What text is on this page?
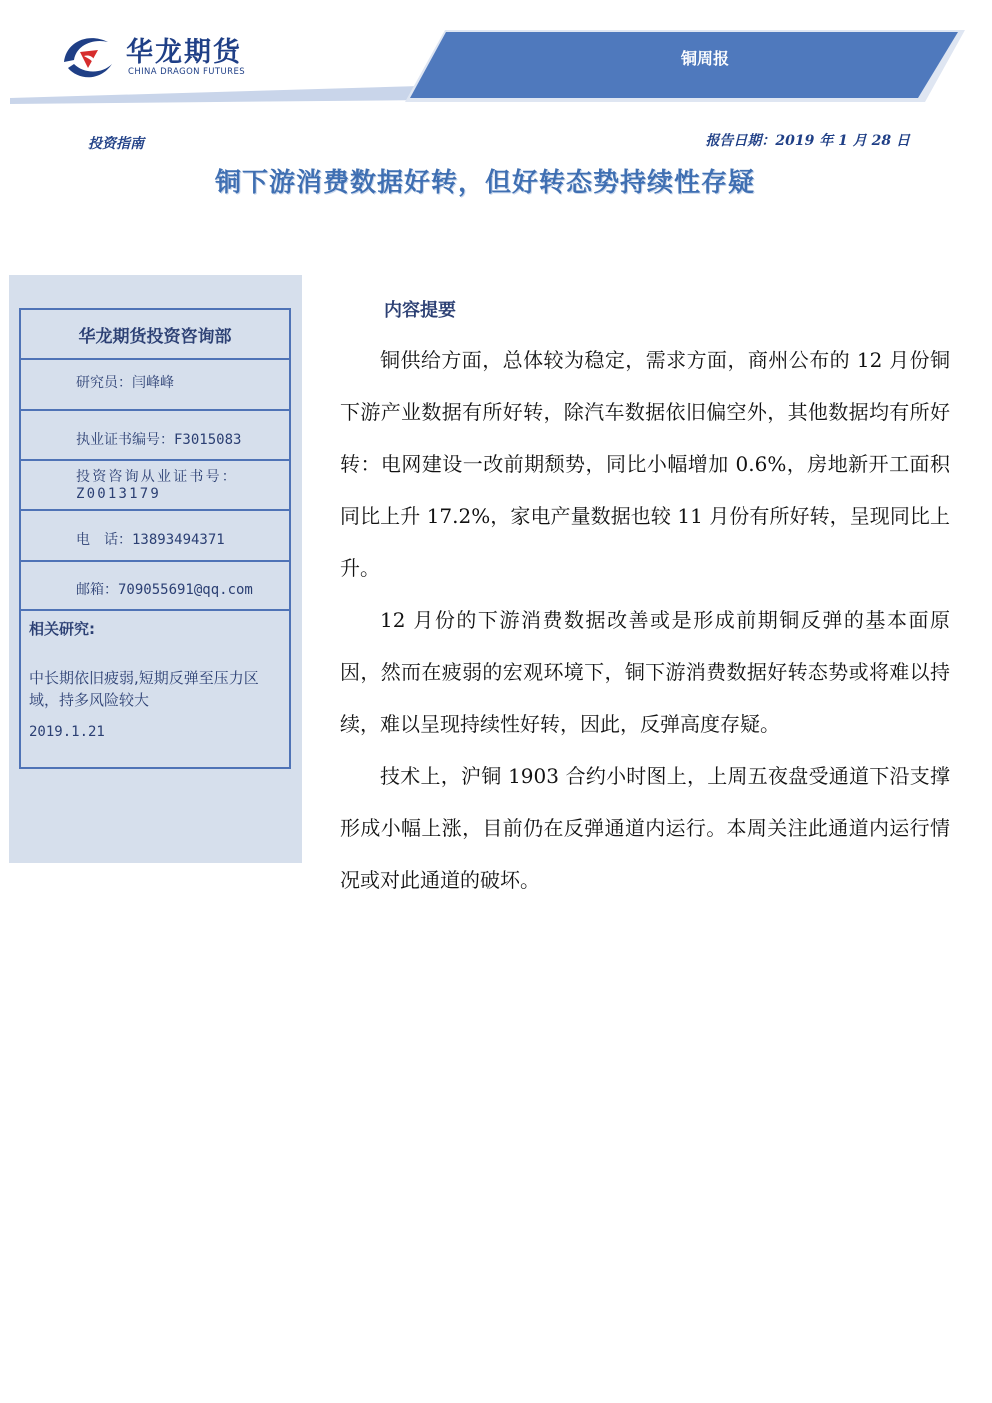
华龙期货
CHINA DRAGON FUTURES
铜周报
投资指南	报告日期：2019 年 1 月 28 日
铜下游消费数据好转，但好转态势持续性存疑
华龙期货投资咨询部
研究员：闫峰峰
执业证书编号：F3015083
投资咨询从业证书号：Z0013179
电　话：13893494371
邮箱：709055691@qq.com
相关研究:
中长期依旧疲弱,短期反弹至压力区域，持多风险较大
2019.1.21
内容提要

铜供给方面，总体较为稳定，需求方面，商州公布的 12 月份铜下游产业数据有所好转，除汽车数据依旧偏空外，其他数据均有所好转：电网建设一改前期颓势，同比小幅增加 0.6%，房地新开工面积同比上升 17.2%，家电产量数据也较 11 月份有所好转，呈现同比上升。

12 月份的下游消费数据改善或是形成前期铜反弹的基本面原因，然而在疲弱的宏观环境下，铜下游消费数据好转态势或将难以持续，难以呈现持续性好转，因此，反弹高度存疑。

技术上，沪铜 1903 合约小时图上，上周五夜盘受通道下沿支撑形成小幅上涨，目前仍在反弹通道内运行。本周关注此通道内运行情况或对此通道的破坏。
